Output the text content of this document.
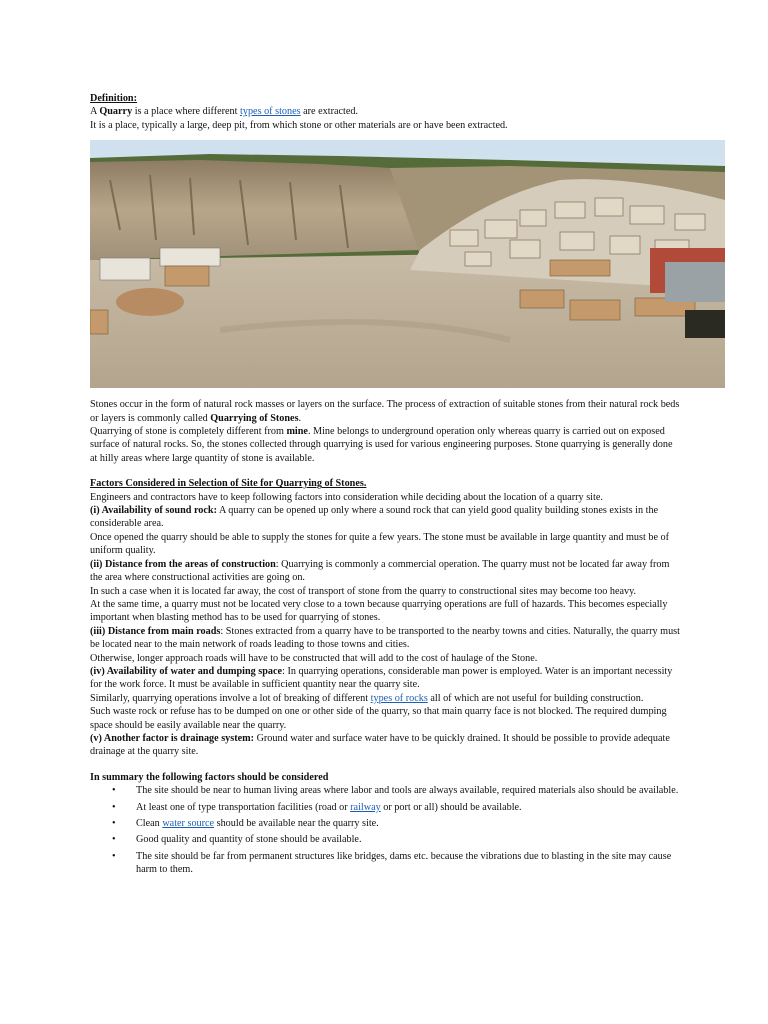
Definition:

A Quarry is a place where different types of stones are extracted.

It is a place, typically a large, deep pit, from which stone or other materials are or have been extracted.

Stones occur in the form of natural rock masses or layers on the surface. The process of extraction of suitable stones from their natural rock beds or layers is commonly called Quarrying of Stones.

Quarrying of stone is completely different from mine. Mine belongs to underground operation only whereas quarry is carried out on exposed surface of natural rocks. So, the stones collected through quarrying is used for various engineering purposes. Stone quarrying is generally done at hilly areas where large quantity of stone is available.

Factors Considered in Selection of Site for Quarrying of Stones.

Engineers and contractors have to keep following factors into consideration while deciding about the location of a quarry site.

(i) Availability of sound rock: A quarry can be opened up only where a sound rock that can yield good quality building stones exists in the considerable area.

Once opened the quarry should be able to supply the stones for quite a few years. The stone must be available in large quantity and must be of uniform quality.

(ii) Distance from the areas of construction: Quarrying is commonly a commercial operation. The quarry must not be located far away from the area where constructional activities are going on.

In such a case when it is located far away, the cost of transport of stone from the quarry to constructional sites may become too heavy.

At the same time, a quarry must not be located very close to a town because quarrying operations are full of hazards. This becomes especially important when blasting method has to be used for quarrying of stones.

(iii) Distance from main roads: Stones extracted from a quarry have to be transported to the nearby towns and cities. Naturally, the quarry must be located near to the main network of roads leading to those towns and cities.

Otherwise, longer approach roads will have to be constructed that will add to the cost of haulage of the Stone.

(iv) Availability of water and dumping space: In quarrying operations, considerable man power is employed. Water is an important necessity for the work force. It must be available in sufficient quantity near the quarry site.

Similarly, quarrying operations involve a lot of breaking of different types of rocks all of which are not useful for building construction.

Such waste rock or refuse has to be dumped on one or other side of the quarry, so that main quarry face is not blocked. The required dumping space should be easily available near the quarry.

(v) Another factor is drainage system: Ground water and surface water have to be quickly drained. It should be possible to provide adequate drainage at the quarry site.

In summary the following factors should be considered

• The site should be near to human living areas where labor and tools are always available, required materials also should be available.
• At least one of type transportation facilities (road or railway or port or all) should be available.
• Clean water source should be available near the quarry site.
• Good quality and quantity of stone should be available.
• The site should be far from permanent structures like bridges, dams etc. because the vibrations due to blasting in the site may cause harm to them.
